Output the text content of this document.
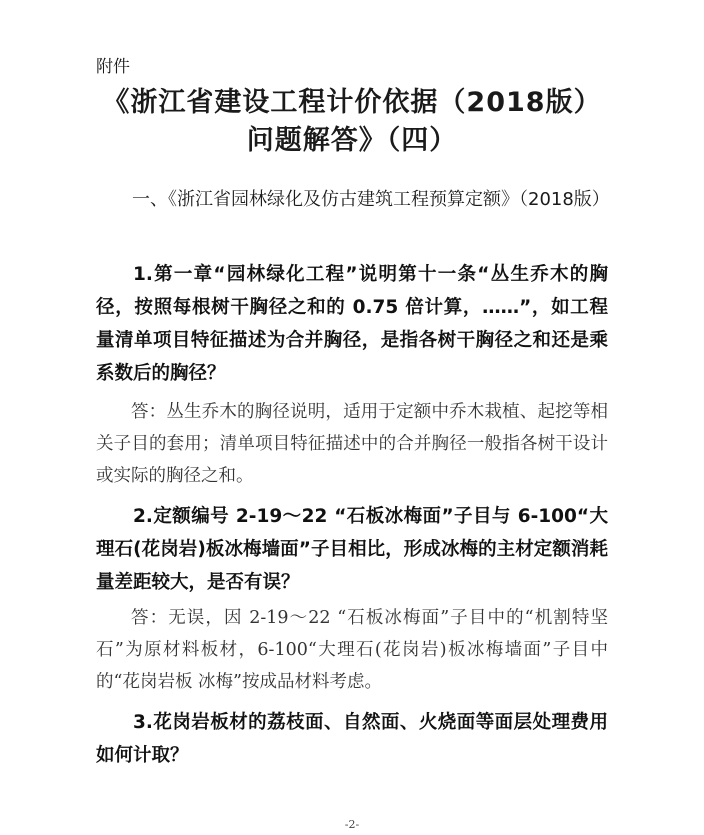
附件
《浙江省建设工程计价依据（2018版）
问题解答》（四）

一、《浙江省园林绿化及仿古建筑工程预算定额》（2018版）

1.第一章“园林绿化工程”说明第十一条“丛生乔木的胸径，按照每根树干胸径之和的 0.75 倍计算，……”，如工程量清单项目特征描述为合并胸径，是指各树干胸径之和还是乘系数后的胸径？

答：丛生乔木的胸径说明，适用于定额中乔木栽植、起挖等相关子目的套用；清单项目特征描述中的合并胸径一般指各树干设计或实际的胸径之和。

2.定额编号 2-19～22 “石板冰梅面”子目与 6-100“大理石(花岗岩)板冰梅墙面”子目相比，形成冰梅的主材定额消耗量差距较大，是否有误？

答：无误，因 2-19～22 “石板冰梅面”子目中的“机割特坚石”为原材料板材，6-100“大理石(花岗岩)板冰梅墙面”子目中的“花岗岩板 冰梅”按成品材料考虑。

3.花岗岩板材的荔枝面、自然面、火烧面等面层处理费用如何计取？

-2-
